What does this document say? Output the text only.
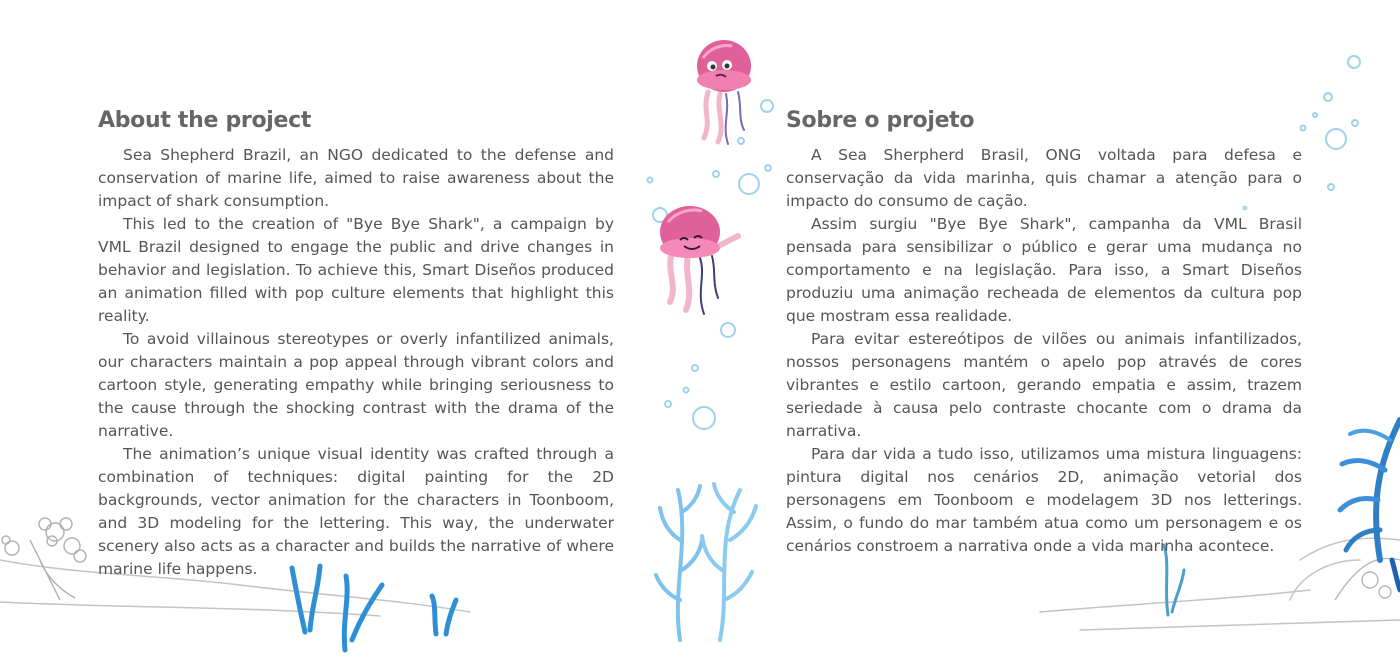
About the project

Sea Shepherd Brazil, an NGO dedicated to the defense and conservation of marine life, aimed to raise awareness about the impact of shark consumption.

This led to the creation of "Bye Bye Shark", a campaign by VML Brazil designed to engage the public and drive changes in behavior and legislation. To achieve this, Smart Diseños produced an animation filled with pop culture elements that highlight this reality.

To avoid villainous stereotypes or overly infantilized animals, our characters maintain a pop appeal through vibrant colors and cartoon style, generating empathy while bringing seriousness to the cause through the shocking contrast with the drama of the narrative.

The animation’s unique visual identity was crafted through a combination of techniques: digital painting for the 2D backgrounds, vector animation for the characters in Toonboom, and 3D modeling for the lettering. This way, the underwater scenery also acts as a character and builds the narrative of where marine life happens.

Sobre o projeto

A Sea Sherpherd Brasil, ONG voltada para defesa e conservação da vida marinha, quis chamar a atenção para o impacto do consumo de cação.

Assim surgiu "Bye Bye Shark", campanha da VML Brasil pensada para sensibilizar o público e gerar uma mudança no comportamento e na legislação. Para isso, a Smart Diseños produziu uma animação recheada de elementos da cultura pop que mostram essa realidade.

Para evitar estereótipos de vilões ou animais infantilizados, nossos personagens mantém o apelo pop através de cores vibrantes e estilo cartoon, gerando empatia e assim, trazem seriedade à causa pelo contraste chocante com o drama da narrativa.

Para dar vida a tudo isso, utilizamos uma mistura linguagens: pintura digital nos cenários 2D, animação vetorial dos personagens em Toonboom e modelagem 3D nos letterings. Assim, o fundo do mar também atua como um personagem e os cenários constroem a narrativa onde a vida marinha acontece.
